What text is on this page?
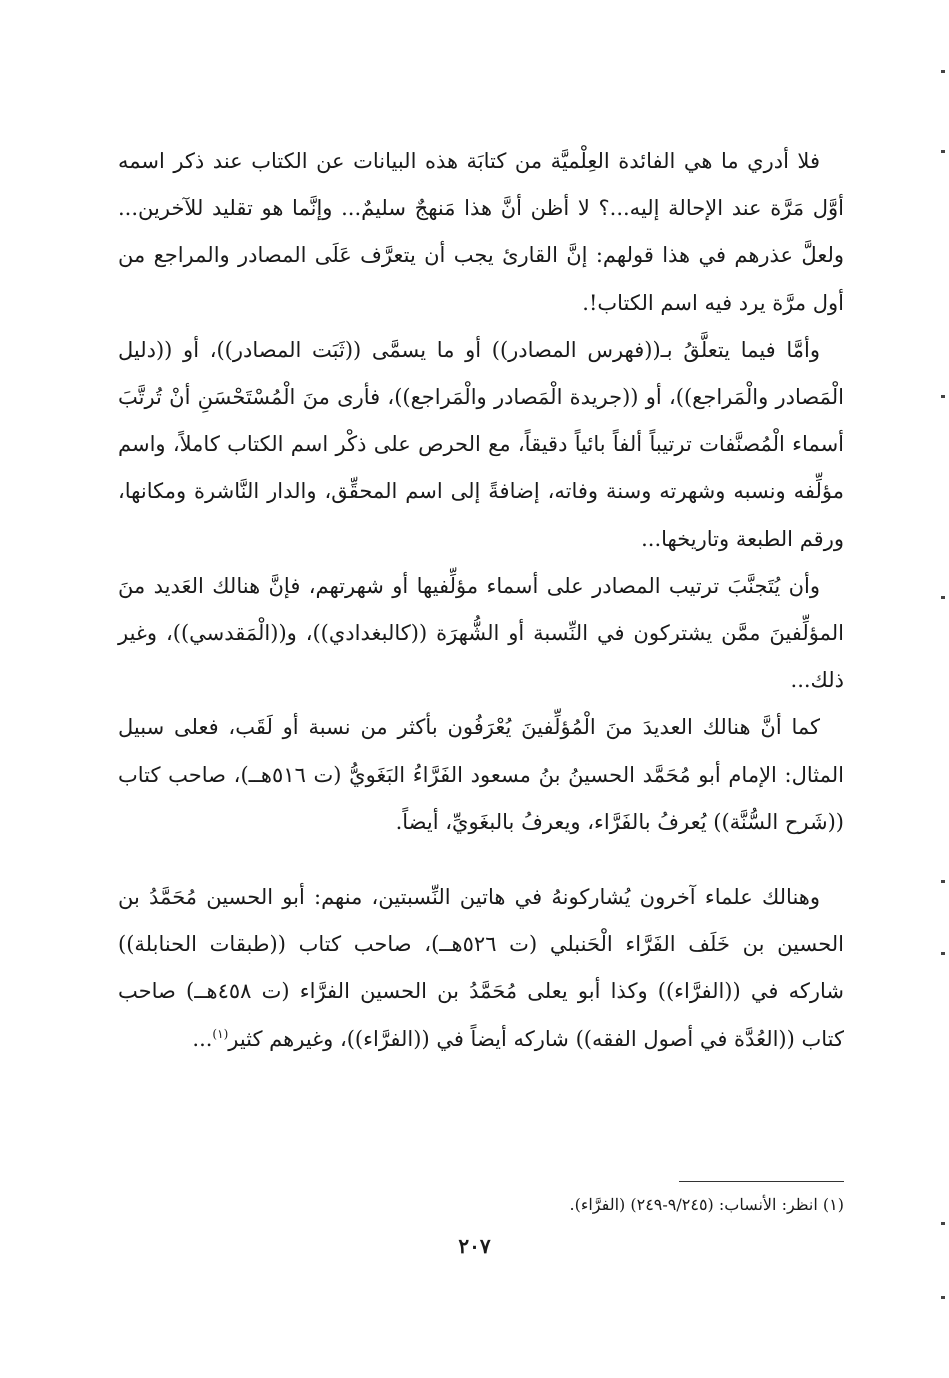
فلا أدري ما هي الفائدة العِلْميَّة من كتابَة هذه البيانات عن الكتاب عند ذكر اسمه أوَّل مَرَّة عند الإحالة إليه...؟ لا أظن أنَّ هذا مَنهجٌ سليمٌ... وإنَّما هو تقليد للآخرين... ولعلَّ عذرهم في هذا قولهم: إنَّ القارئ يجب أن يتعرَّف عَلَى المصادر والمراجع من أول مرَّة يرد فيه اسم الكتاب!.

وأمَّا فيما يتعلَّقُ بـ((فهرس المصادر)) أو ما يسمَّى ((ثَبَت المصادر))، أو ((دليل الْمَصادر والْمَراجع))، أو ((جريدة الْمَصادر والْمَراجع))، فأرى منَ الْمُسْتَحْسَنِ أنْ تُرتَّبَ أسماء الْمُصنَّفات ترتيباً ألفاً بائياً دقيقاً، مع الحرص على ذكْر اسم الكتاب كاملاً، واسم مؤلِّفه ونسبه وشهرته وسنة وفاته، إضافةً إلى اسم المحقِّق، والدار النَّاشرة ومكانها، ورقم الطبعة وتاريخها...

وأن يُتَجنَّبَ ترتيب المصادر على أسماء مؤلِّفيها أو شهرتهم، فإنَّ هنالك العَديد منَ المؤلِّفينَ ممَّن يشتركون في النِّسبة أو الشُّهرَة ((كالبغدادي))، و((الْمَقدسي))، وغير ذلك...

كما أنَّ هنالك العديدَ منَ الْمُؤلِّفينَ يُعْرَفُون بأكثر من نسبة أو لَقَب، فعلى سبيل المثال: الإمام أبو مُحَمَّد الحسينُ بنُ مسعود الفَرَّاءُ البَغَويُّ (ت ٥١٦هــ)، صاحب كتاب ((شَرح السُّنَّة)) يُعرفُ بالفَرَّاء، ويعرفُ بالبغَويِّ، أيضاً.

وهنالك علماء آخرون يُشاركونهُ في هاتين النِّسبتين، منهم: أبو الحسين مُحَمَّدُ بن الحسين بن خَلَف الفَرَّاء الْحَنبلي (ت ٥٢٦هــ)، صاحب كتاب ((طبقات الحنابلة)) شاركه في ((الفرَّاء)) وكذا أبو يعلى مُحَمَّدُ بن الحسين الفرَّاء (ت ٤٥٨هــ) صاحب كتاب ((العُدَّة في أصول الفقه)) شاركه أيضاً في ((الفرَّاء))، وغيرهم كثير$^{(١)}$...

(١) انظر: الأنساب: (٩/٢٤٥-٢٤٩) (الفرَّاء).
٢٠٧
